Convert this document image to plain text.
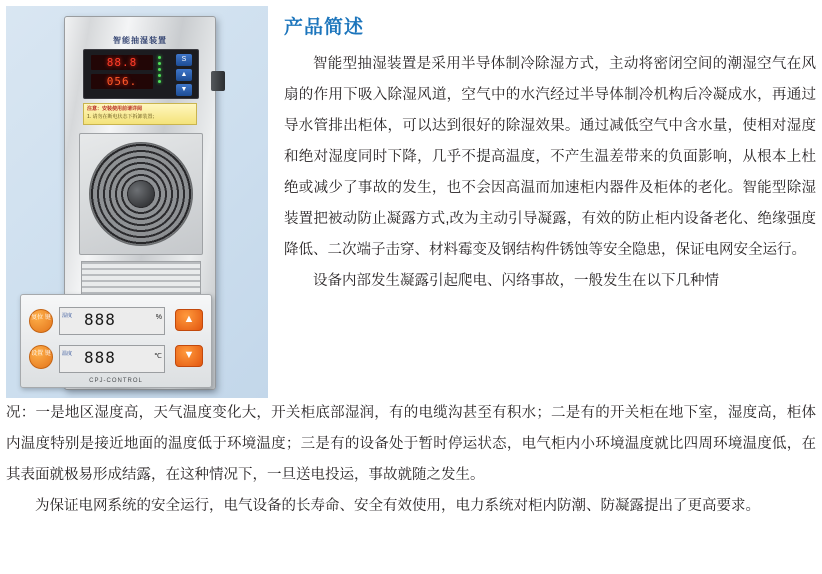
智能抽湿装置
88.8
056.
S
▲
▼
注意：安装使用前请详阅
1. 请勿在断电状态下拆卸装置；
复位 键
设置 键
湿度 888	%
温度 888	℃
▲
▼
CPJ-CONTROL
产品简述

智能型抽湿装置是采用半导体制冷除湿方式，主动将密闭空间的潮湿空气在风扇的作用下吸入除湿风道，空气中的水汽经过半导体制冷机构后冷凝成水，再通过导水管排出柜体，可以达到很好的除湿效果。通过减低空气中含水量，使相对湿度和绝对湿度同时下降，几乎不提高温度，不产生温差带来的负面影响，从根本上杜绝或减少了事故的发生，也不会因高温而加速柜内器件及柜体的老化。智能型除湿装置把被动防止凝露方式,改为主动引导凝露，有效的防止柜内设备老化、绝缘强度降低、二次端子击穿、材料霉变及钢结构件锈蚀等安全隐患，保证电网安全运行。

设备内部发生凝露引起爬电、闪络事故，一般发生在以下几种情

况：一是地区湿度高，天气温度变化大，开关柜底部湿润，有的电缆沟甚至有积水；二是有的开关柜在地下室，湿度高，柜体内温度特别是接近地面的温度低于环境温度；三是有的设备处于暂时停运状态，电气柜内小环境温度就比四周环境温度低，在其表面就极易形成结露，在这种情况下，一旦送电投运，事故就随之发生。

为保证电网系统的安全运行，电气设备的长寿命、安全有效使用，电力系统对柜内防潮、防凝露提出了更高要求。
